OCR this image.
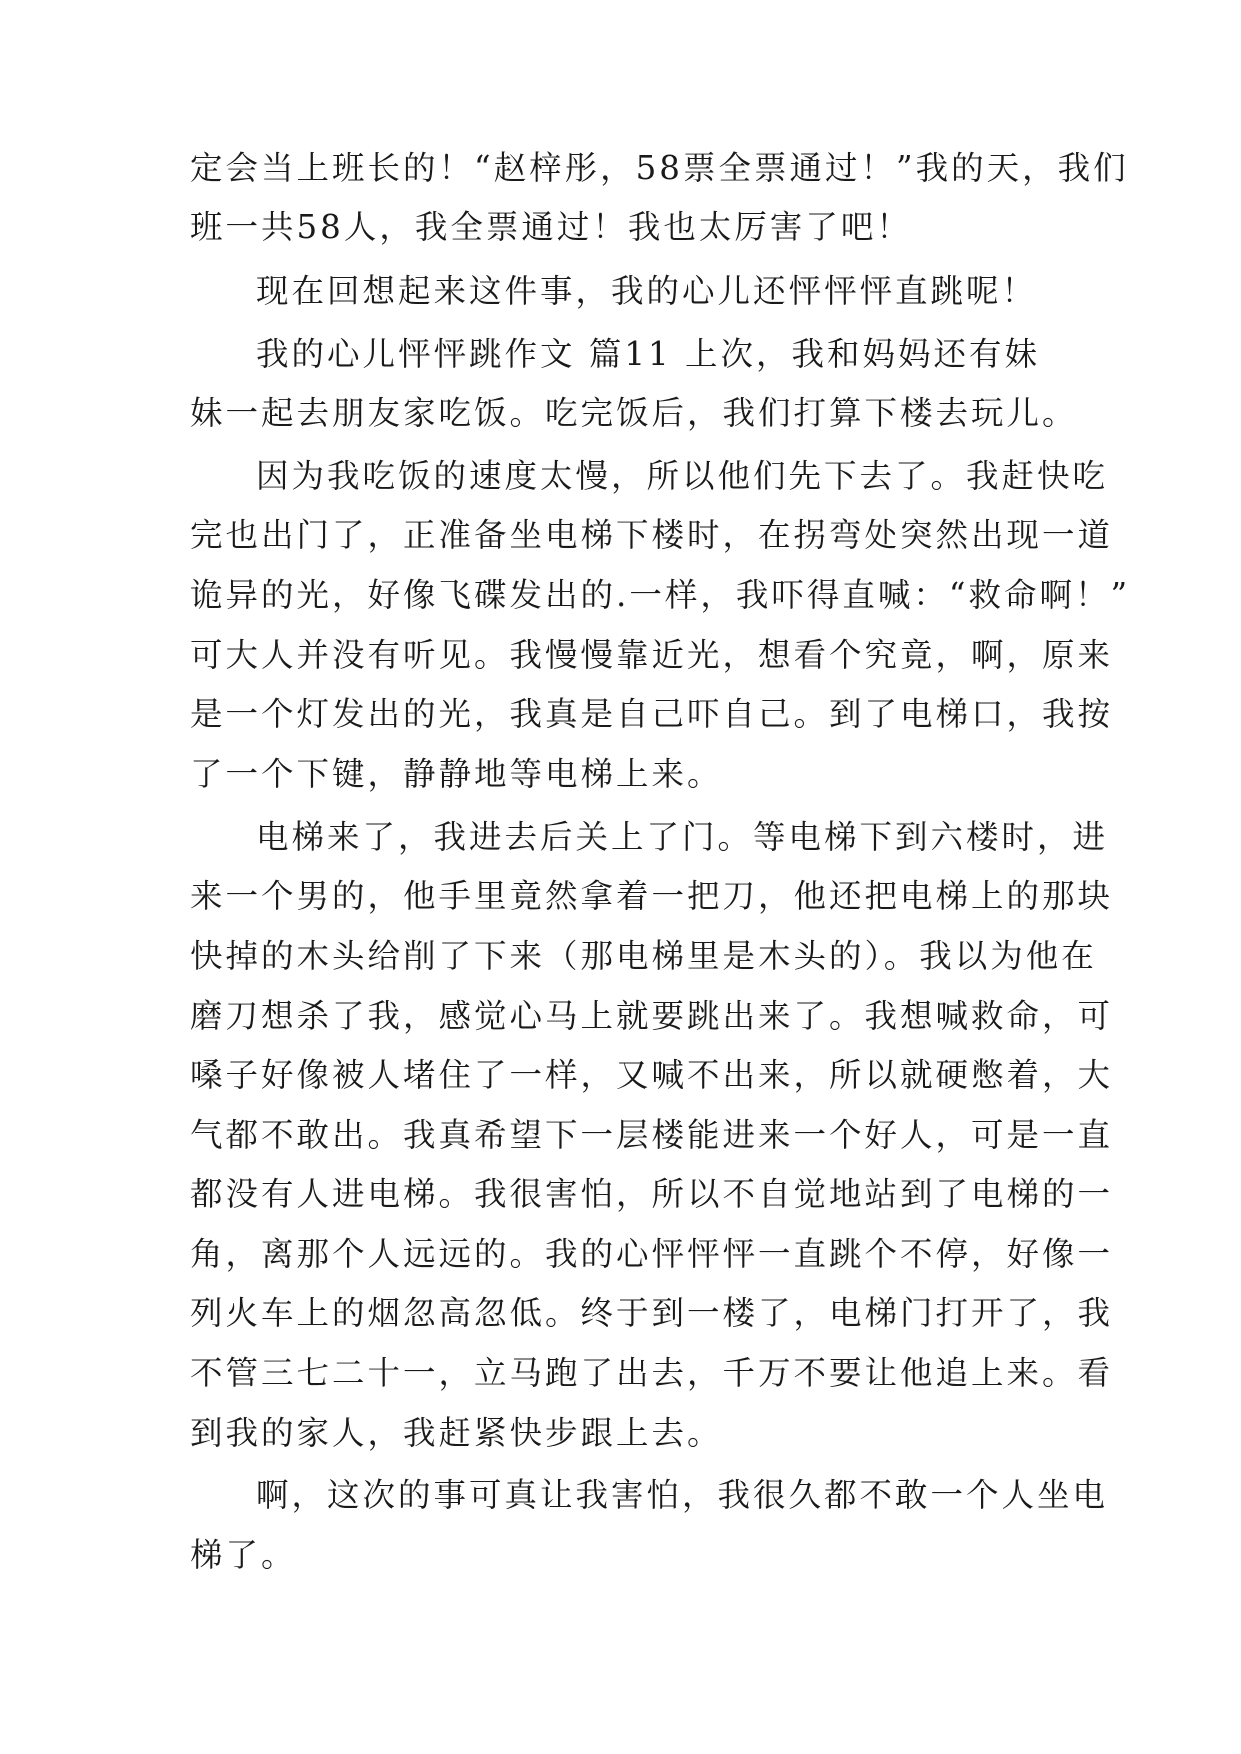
定会当上班长的！“赵梓彤，58票全票通过！”我的天，我们
班一共58人，我全票通过！我也太厉害了吧！
现在回想起来这件事，我的心儿还怦怦怦直跳呢！
我的心儿怦怦跳作文 篇11 上次，我和妈妈还有妹
妹一起去朋友家吃饭。吃完饭后，我们打算下楼去玩儿。
因为我吃饭的速度太慢，所以他们先下去了。我赶快吃
完也出门了，正准备坐电梯下楼时，在拐弯处突然出现一道
诡异的光，好像飞碟发出的.一样，我吓得直喊：“救命啊！”
可大人并没有听见。我慢慢靠近光，想看个究竟，啊，原来
是一个灯发出的光，我真是自己吓自己。到了电梯口，我按
了一个下键，静静地等电梯上来。
电梯来了，我进去后关上了门。等电梯下到六楼时，进
来一个男的，他手里竟然拿着一把刀，他还把电梯上的那块
快掉的木头给削了下来（那电梯里是木头的）。我以为他在
磨刀想杀了我，感觉心马上就要跳出来了。我想喊救命，可
嗓子好像被人堵住了一样，又喊不出来，所以就硬憋着，大
气都不敢出。我真希望下一层楼能进来一个好人，可是一直
都没有人进电梯。我很害怕，所以不自觉地站到了电梯的一
角，离那个人远远的。我的心怦怦怦一直跳个不停，好像一
列火车上的烟忽高忽低。终于到一楼了，电梯门打开了，我
不管三七二十一，立马跑了出去，千万不要让他追上来。看
到我的家人，我赶紧快步跟上去。
啊，这次的事可真让我害怕，我很久都不敢一个人坐电
梯了。
